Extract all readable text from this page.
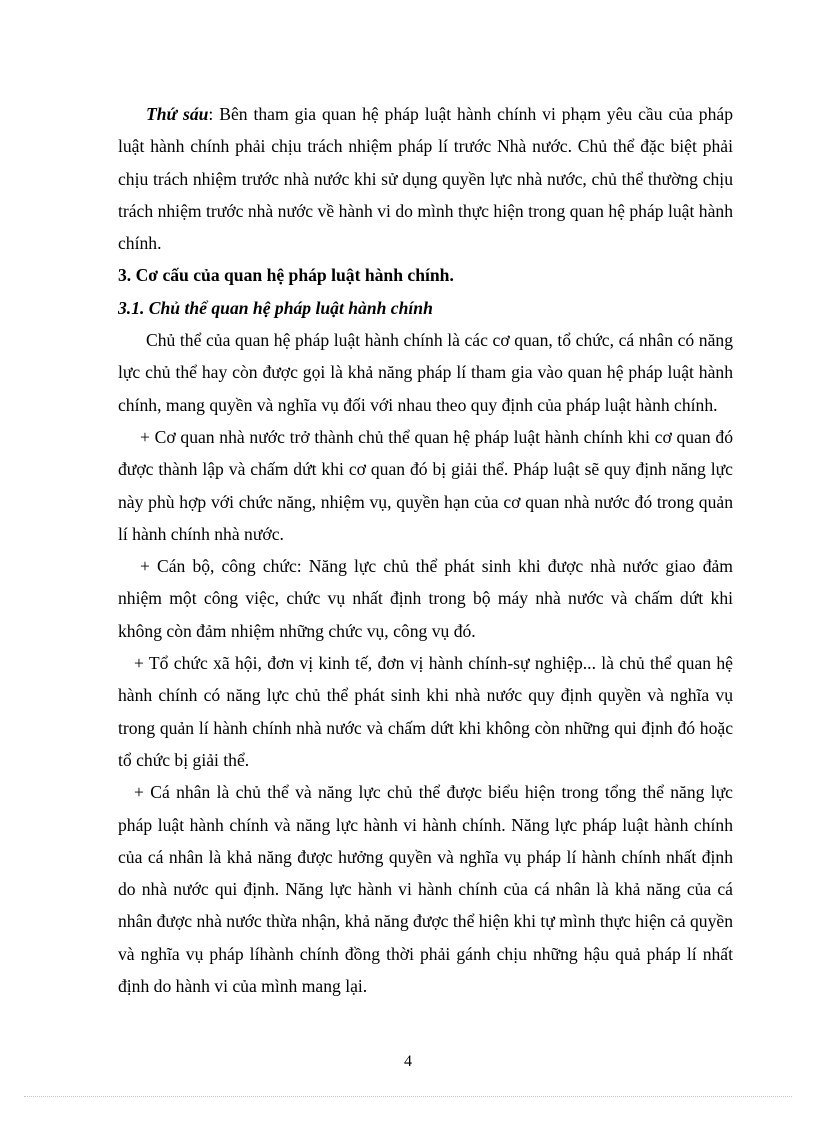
Thứ sáu: Bên tham gia quan hệ pháp luật hành chính vi phạm yêu cầu của pháp luật hành chính phải chịu trách nhiệm pháp lí trước Nhà nước. Chủ thể đặc biệt phải chịu trách nhiệm trước nhà nước khi sử dụng quyền lực nhà nước, chủ thể thường chịu trách nhiệm trước nhà nước về hành vi do mình thực hiện trong quan hệ pháp luật hành chính.

3. Cơ cấu của quan hệ pháp luật hành chính.

3.1. Chủ thể quan hệ pháp luật hành chính

Chủ thể của quan hệ pháp luật hành chính là các cơ quan, tổ chức, cá nhân có năng lực chủ thể hay còn được gọi là khả năng pháp lí tham gia vào quan hệ pháp luật hành chính, mang quyền và nghĩa vụ đối với nhau theo quy định của pháp luật hành chính.

+ Cơ quan nhà nước trở thành chủ thể quan hệ pháp luật hành chính khi cơ quan đó được thành lập và chấm dứt khi cơ quan đó bị giải thể. Pháp luật sẽ quy định năng lực này phù hợp với chức năng, nhiệm vụ, quyền hạn của cơ quan nhà nước đó trong quản lí hành chính nhà nước.

+ Cán bộ, công chức: Năng lực chủ thể phát sinh khi được nhà nước giao đảm nhiệm một công việc, chức vụ nhất định trong bộ máy nhà nước và chấm dứt khi không còn đảm nhiệm những chức vụ, công vụ đó.

+ Tổ chức xã hội, đơn vị kinh tế, đơn vị hành chính-sự nghiệp... là chủ thể quan hệ hành chính có năng lực chủ thể phát sinh khi nhà nước quy định quyền và nghĩa vụ trong quản lí hành chính nhà nước và chấm dứt khi không còn những qui định đó hoặc tổ chức bị giải thể.

+ Cá nhân là chủ thể và năng lực chủ thể được biểu hiện trong tổng thể năng lực pháp luật hành chính và năng lực hành vi hành chính. Năng lực pháp luật hành chính của cá nhân là khả năng được hưởng quyền và nghĩa vụ pháp lí hành chính nhất định do nhà nước qui định. Năng lực hành vi hành chính của cá nhân là khả năng của cá nhân được nhà nước thừa nhận, khả năng được thể hiện khi tự mình thực hiện cả quyền và nghĩa vụ pháp líhành chính đồng thời phải gánh chịu những hậu quả pháp lí nhất định do hành vi của mình mang lại.

4
